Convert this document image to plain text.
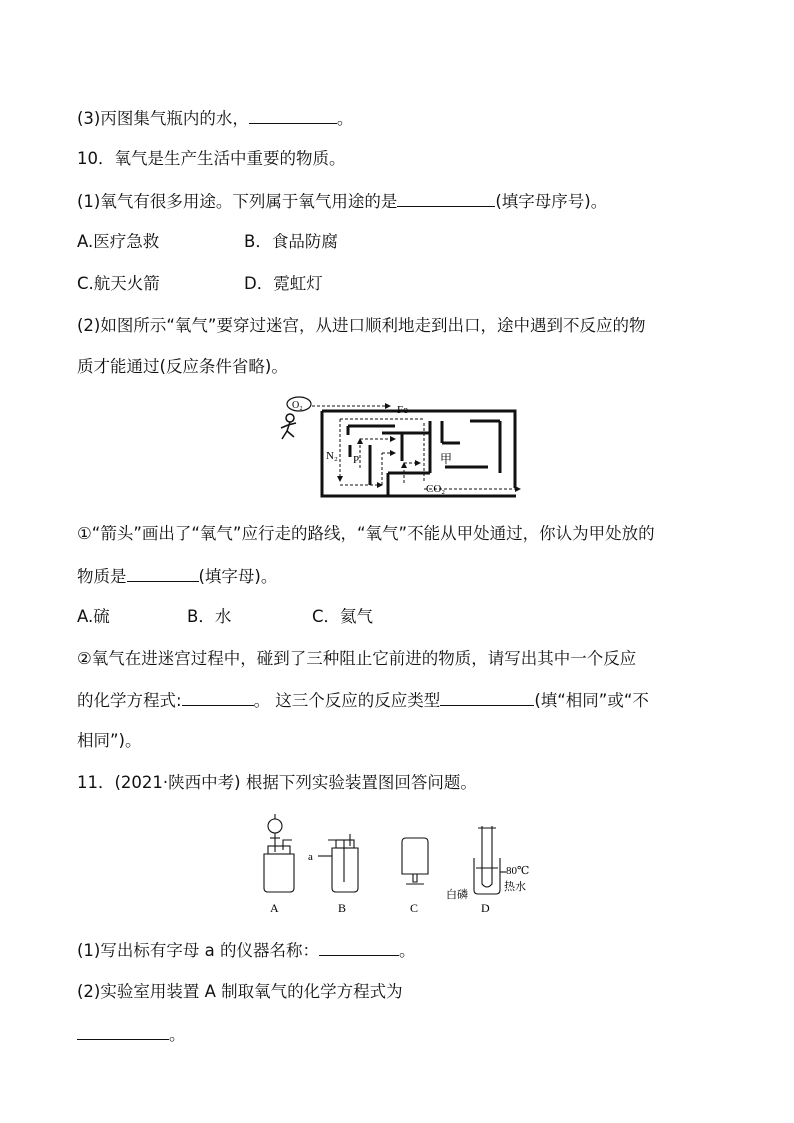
(3)丙图集气瓶内的水，	。
10．氧气是生产生活中重要的物质。
(1)氧气有很多用途。下列属于氧气用途的是	(填字母序号)。
A.医疗急救	B．食品防腐
C.航天火箭	D．霓虹灯
(2)如图所示“氧气”要穿过迷宫，从进口顺利地走到出口，途中遇到不反应的物
质才能通过(反应条件省略)。
O₂	Fe
N₂ P	甲
CO₂
①“箭头”画出了“氧气”应行走的路线，“氧气”不能从甲处通过，你认为甲处放的
物质是	(填字母)。
A.硫	B．水	C．氦气
②氧气在进迷宫过程中，碰到了三种阻止它前进的物质，请写出其中一个反应
的化学方程式:	。 这三个反应的反应类型	(填“相同”或“不
相同”)。
11．(2021·陕西中考) 根据下列实验装置图回答问题。
A	B	C	D
a
80℃
热水
白磷
(1)写出标有字母 a 的仪器名称：	。
(2)实验室用装置 A 制取氧气的化学方程式为
。
